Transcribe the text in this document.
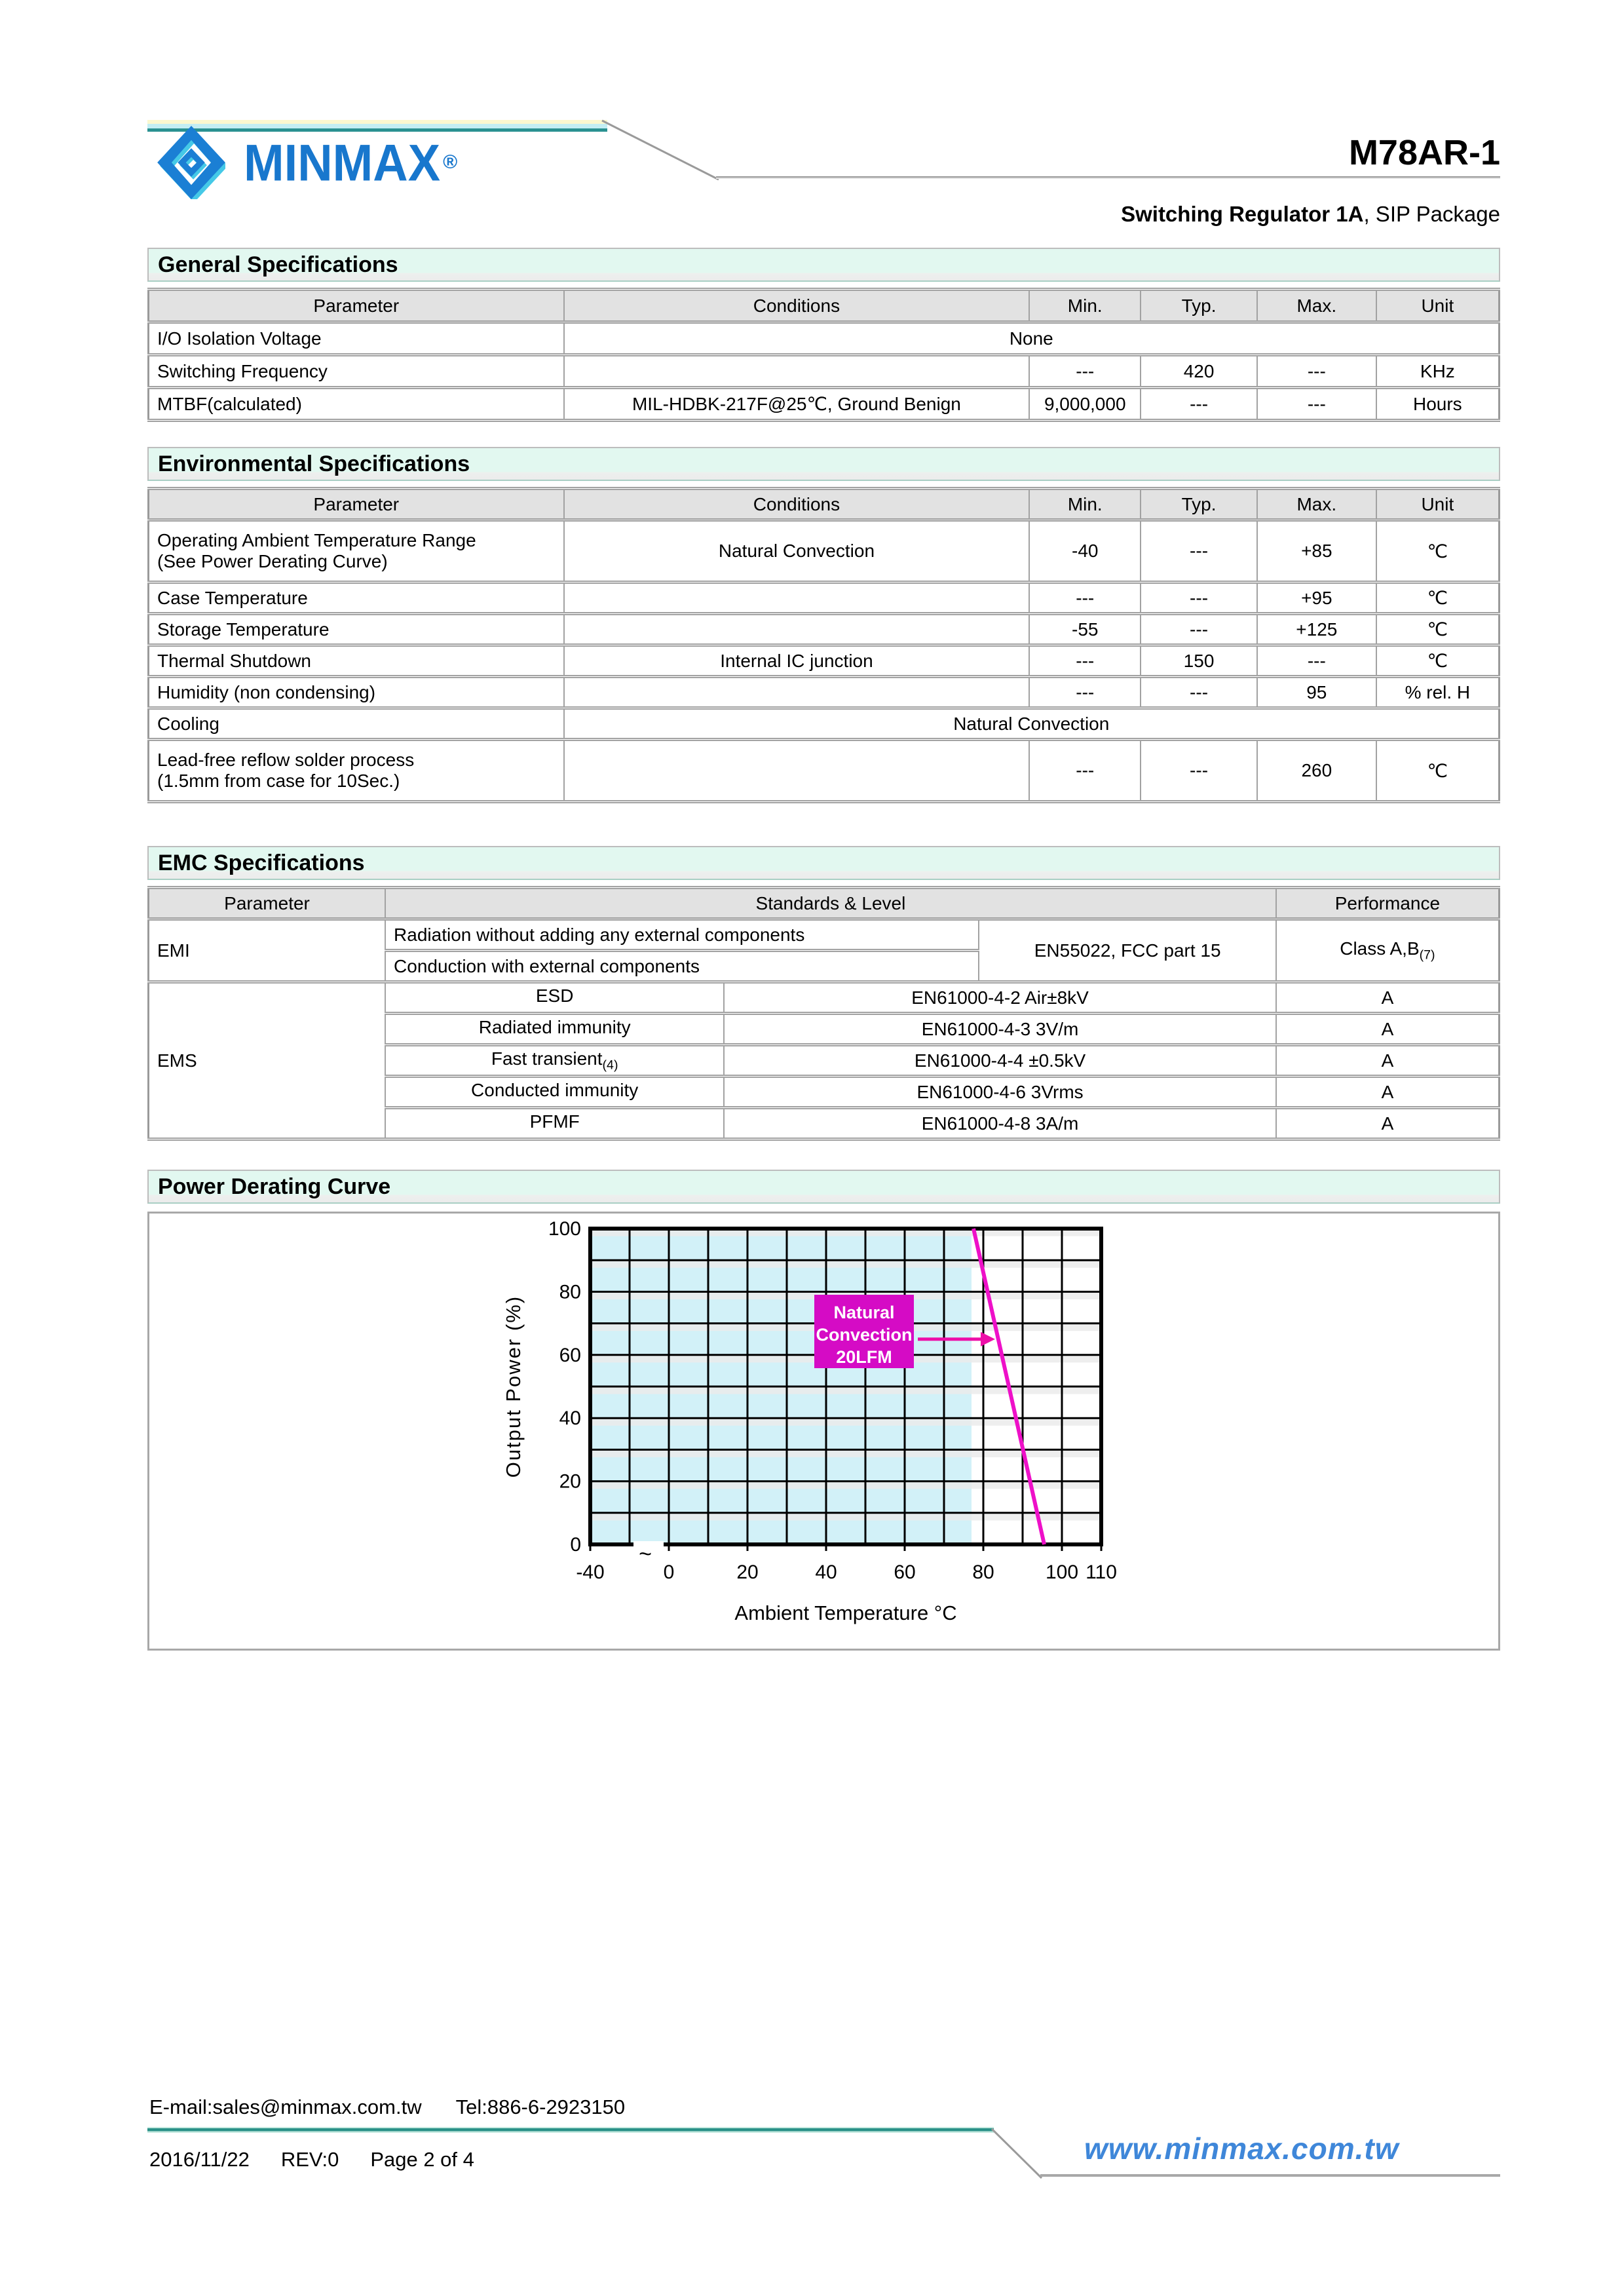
MINMAX ®	M78AR-1
Switching Regulator 1A, SIP Package
General Specifications
Parameter	Conditions	Min.	Typ.	Max.	Unit
I/O Isolation Voltage	None				
Switching Frequency		---	420	---	KHz
MTBF(calculated)	MIL-HDBK-217F@25℃, Ground Benign	9,000,000	---	---	Hours
Environmental Specifications
Parameter	Conditions	Min.	Typ.	Max.	Unit
Operating Ambient Temperature Range
(See Power Derating Curve)	Natural Convection	-40	---	+85	℃
Case Temperature		---	---	+95	℃
Storage Temperature		-55	---	+125	℃
Thermal Shutdown	Internal IC junction	---	150	---	℃
Humidity (non condensing)		---	---	95	% rel. H
Cooling	Natural Convection				
Lead-free reflow solder process
(1.5mm from case for 10Sec.)		---	---	260	℃
EMC Specifications
Parameter	Standards & Level			Performance
EMI	Radiation without adding any external components		EN55022, FCC part 15	Class $A,B_{(7)}$
	Conduction with external components			
EMS	ESD	EN61000-4-2 Air±8kV		A
	Radiated immunity	EN61000-4-3 3V/m		A
	Fast transient$_{(4)}$	EN61000-4-4 ±0.5kV		A
	Conducted immunity	EN61000-4-6 3Vrms		A
	PFMF	EN61000-4-8 3A/m		A
Power Derating Curve
Output Power (%)
Ambient Temperature °C
~
-40	0	20	40	60	80	100 110
0
20
40
60
80
100
Natural
Convection
20LFM
E-mail:sales@minmax.com.tw Tel:886-6-2923150
2016/11/22 REV:0 Page 2 of 4	www.minmax.com.tw
